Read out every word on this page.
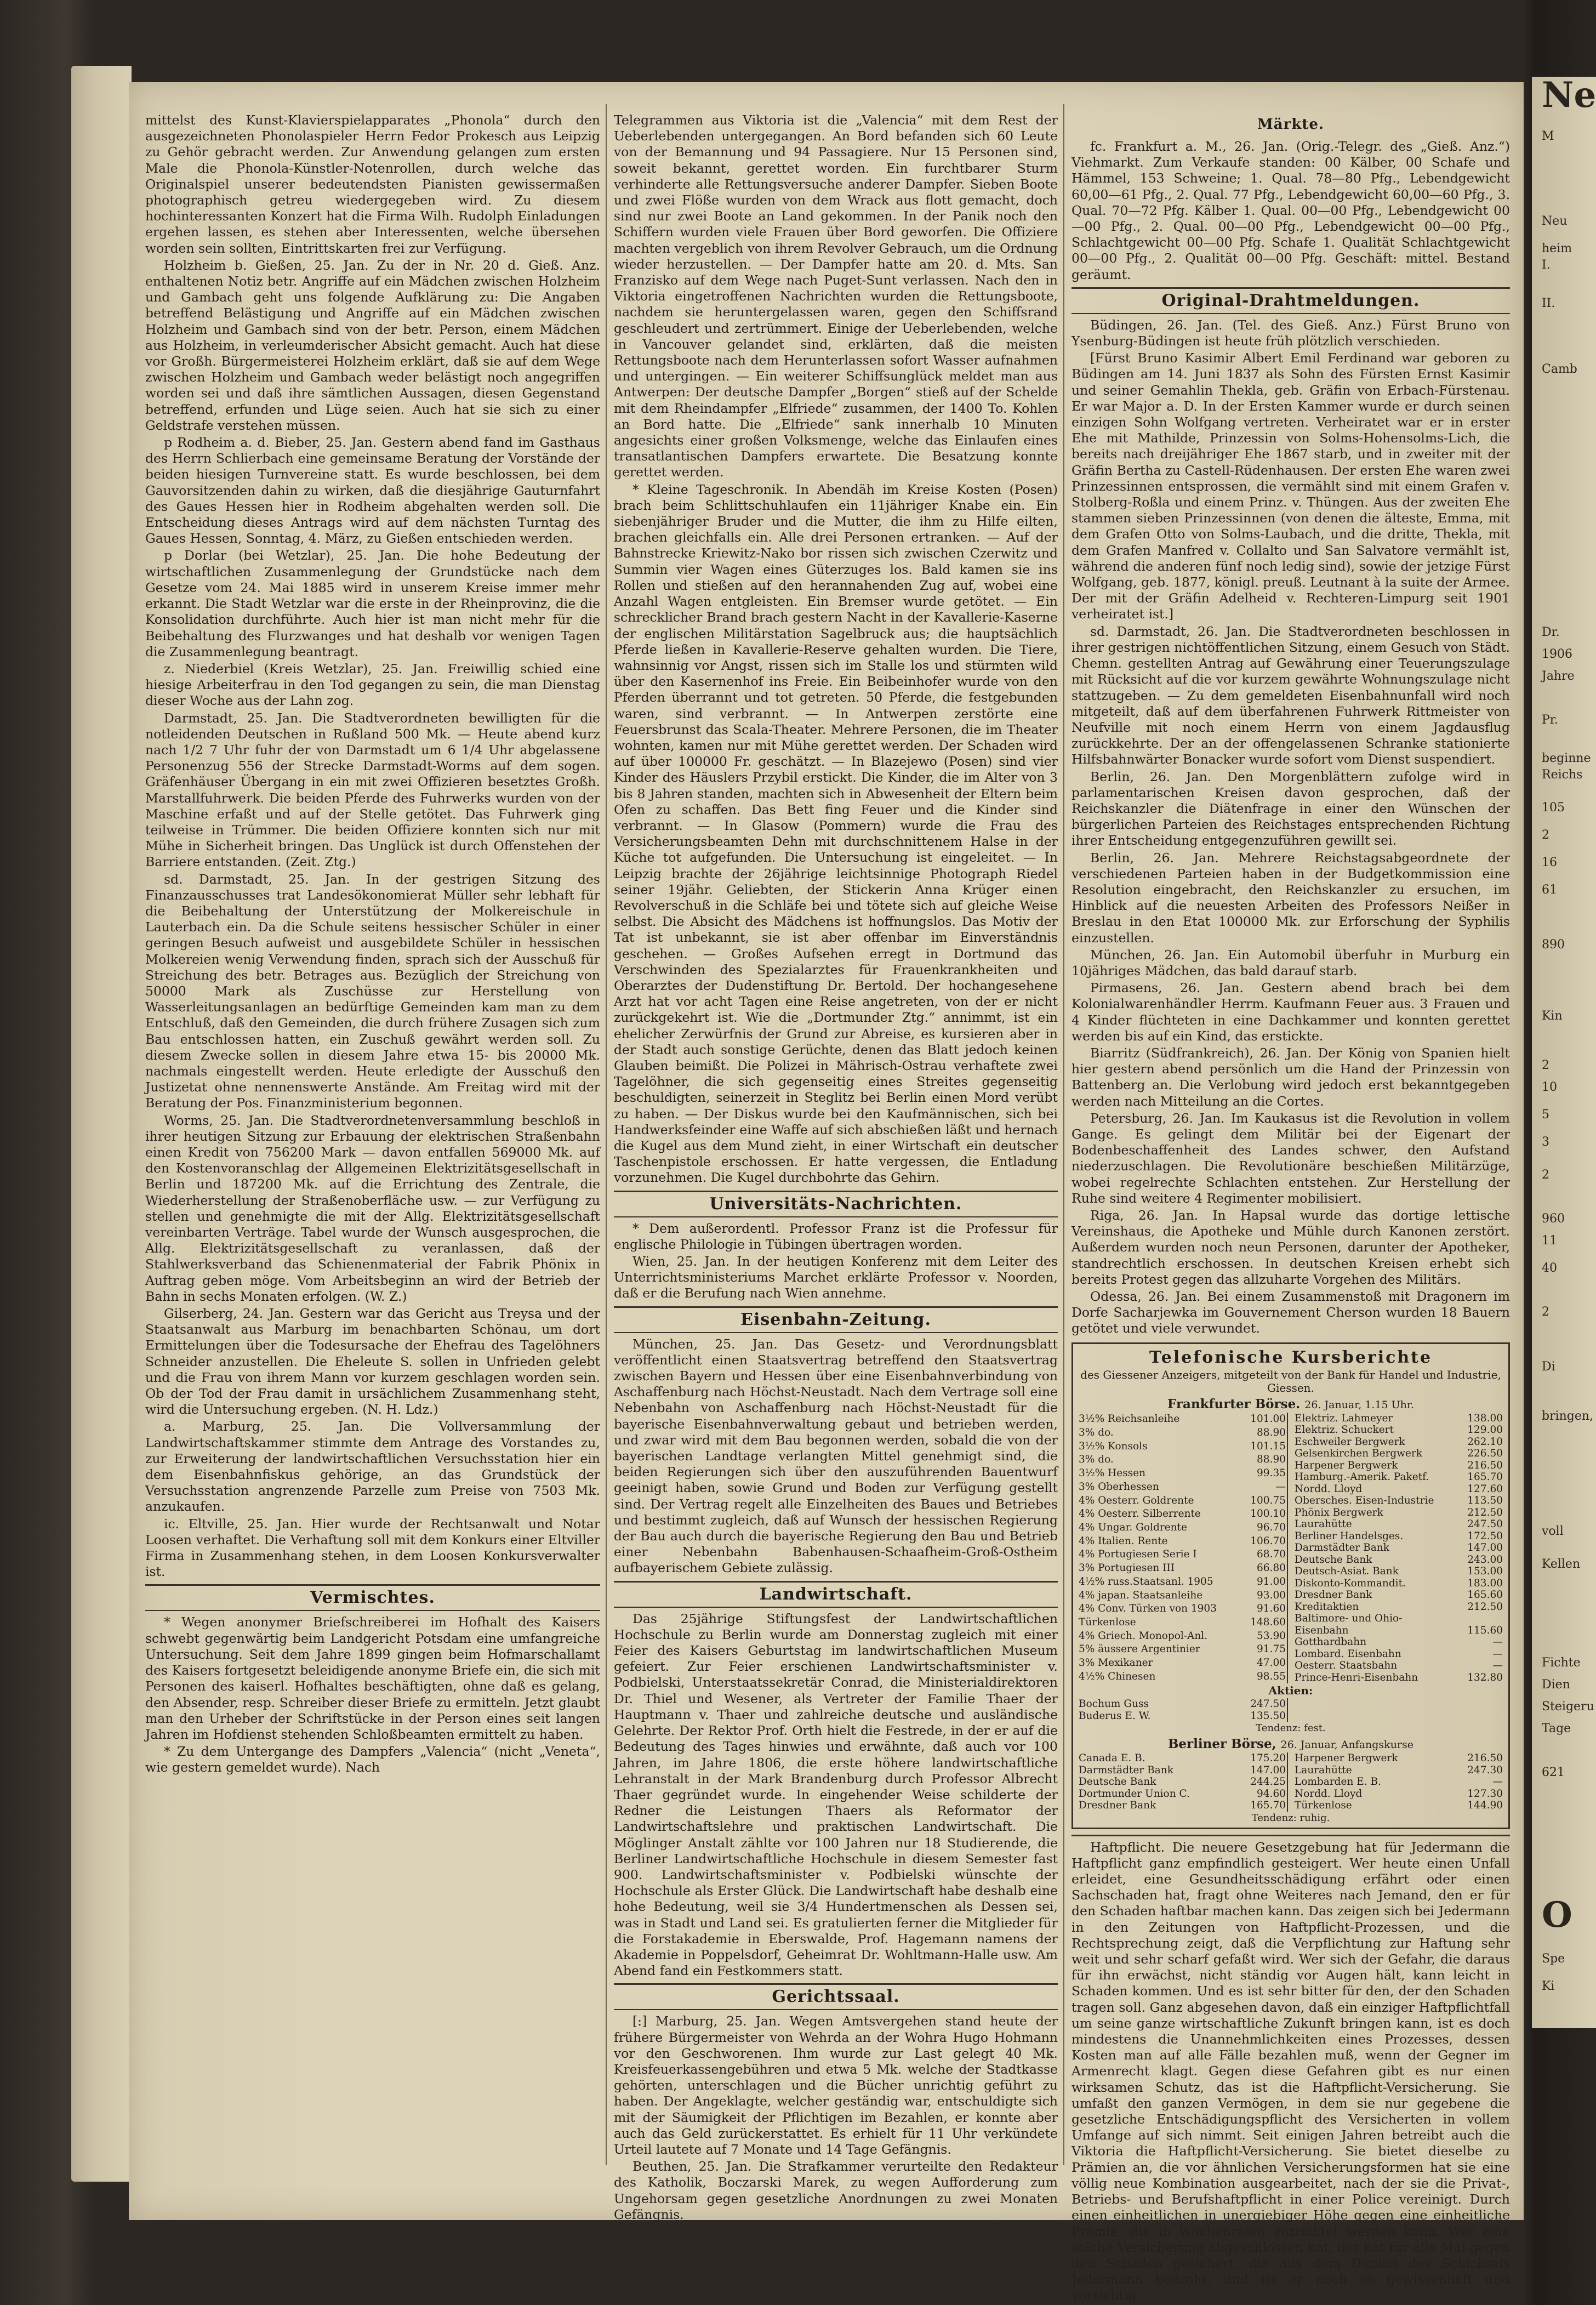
mittelst des Kunst-Klavierspielapparates „Phonola“ durch den ausgezeichneten Phonolaspieler Herrn Fedor Prokesch aus Leipzig zu Gehör gebracht werden. Zur Anwendung gelangen zum ersten Male die Phonola-Künstler-Notenrollen, durch welche das Originalspiel unserer bedeutendsten Pianisten gewissermaßen photographisch getreu wiedergegeben wird. Zu diesem hochinteressanten Konzert hat die Firma Wilh. Rudolph Einladungen ergehen lassen, es stehen aber Interessenten, welche übersehen worden sein sollten, Eintrittskarten frei zur Verfügung.

Holzheim b. Gießen, 25. Jan. Zu der in Nr. 20 d. Gieß. Anz. enthaltenen Notiz betr. Angriffe auf ein Mädchen zwischen Holzheim und Gambach geht uns folgende Aufklärung zu: Die Angaben betreffend Belästigung und Angriffe auf ein Mädchen zwischen Holzheim und Gambach sind von der betr. Person, einem Mädchen aus Holzheim, in verleumderischer Absicht gemacht. Auch hat diese vor Großh. Bürgermeisterei Holzheim erklärt, daß sie auf dem Wege zwischen Holzheim und Gambach weder belästigt noch angegriffen worden sei und daß ihre sämtlichen Aussagen, diesen Gegenstand betreffend, erfunden und Lüge seien. Auch hat sie sich zu einer Geldstrafe verstehen müssen.

p Rodheim a. d. Bieber, 25. Jan. Gestern abend fand im Gasthaus des Herrn Schlierbach eine gemeinsame Beratung der Vorstände der beiden hiesigen Turnvereine statt. Es wurde beschlossen, bei dem Gauvorsitzenden dahin zu wirken, daß die diesjährige Gauturnfahrt des Gaues Hessen hier in Rodheim abgehalten werden soll. Die Entscheidung dieses Antrags wird auf dem nächsten Turntag des Gaues Hessen, Sonntag, 4. März, zu Gießen entschieden werden.

p Dorlar (bei Wetzlar), 25. Jan. Die hohe Bedeutung der wirtschaftlichen Zusammenlegung der Grundstücke nach dem Gesetze vom 24. Mai 1885 wird in unserem Kreise immer mehr erkannt. Die Stadt Wetzlar war die erste in der Rheinprovinz, die die Konsolidation durchführte. Auch hier ist man nicht mehr für die Beibehaltung des Flurzwanges und hat deshalb vor wenigen Tagen die Zusammenlegung beantragt.

z. Niederbiel (Kreis Wetzlar), 25. Jan. Freiwillig schied eine hiesige Arbeiterfrau in den Tod gegangen zu sein, die man Dienstag dieser Woche aus der Lahn zog.

Darmstadt, 25. Jan. Die Stadtverordneten bewilligten für die notleidenden Deutschen in Rußland 500 Mk. — Heute abend kurz nach 1/2 7 Uhr fuhr der von Darmstadt um 6 1/4 Uhr abgelassene Personenzug 556 der Strecke Darmstadt-Worms auf dem sogen. Gräfenhäuser Übergang in ein mit zwei Offizieren besetztes Großh. Marstallfuhrwerk. Die beiden Pferde des Fuhrwerks wurden von der Maschine erfaßt und auf der Stelle getötet. Das Fuhrwerk ging teilweise in Trümmer. Die beiden Offiziere konnten sich nur mit Mühe in Sicherheit bringen. Das Unglück ist durch Offenstehen der Barriere entstanden. (Zeit. Ztg.)

sd. Darmstadt, 25. Jan. In der gestrigen Sitzung des Finanzausschusses trat Landesökonomierat Müller sehr lebhaft für die Beibehaltung der Unterstützung der Molkereischule in Lauterbach ein. Da die Schule seitens hessischer Schüler in einer geringen Besuch aufweist und ausgebildete Schüler in hessischen Molkereien wenig Verwendung finden, sprach sich der Ausschuß für Streichung des betr. Betrages aus. Bezüglich der Streichung von 50000 Mark als Zuschüsse zur Herstellung von Wasserleitungsanlagen an bedürftige Gemeinden kam man zu dem Entschluß, daß den Gemeinden, die durch frühere Zusagen sich zum Bau entschlossen hatten, ein Zuschuß gewährt werden soll. Zu diesem Zwecke sollen in diesem Jahre etwa 15- bis 20000 Mk. nachmals eingestellt werden. Heute erledigte der Ausschuß den Justizetat ohne nennenswerte Anstände. Am Freitag wird mit der Beratung der Pos. Finanzministerium begonnen.

Worms, 25. Jan. Die Stadtverordnetenversammlung beschloß in ihrer heutigen Sitzung zur Erbauung der elektrischen Straßenbahn einen Kredit von 756200 Mark — davon entfallen 569000 Mk. auf den Kostenvoranschlag der Allgemeinen Elektrizitätsgesellschaft in Berlin und 187200 Mk. auf die Errichtung des Zentrale, die Wiederherstellung der Straßenoberfläche usw. — zur Verfügung zu stellen und genehmigte die mit der Allg. Elektrizitätsgesellschaft vereinbarten Verträge. Tabel wurde der Wunsch ausgesprochen, die Allg. Elektrizitätsgesellschaft zu veranlassen, daß der Stahlwerksverband das Schienenmaterial der Fabrik Phönix in Auftrag geben möge. Vom Arbeitsbeginn an wird der Betrieb der Bahn in sechs Monaten erfolgen. (W. Z.)

Gilserberg, 24. Jan. Gestern war das Gericht aus Treysa und der Staatsanwalt aus Marburg im benachbarten Schönau, um dort Ermittelungen über die Todesursache der Ehefrau des Tagelöhners Schneider anzustellen. Die Eheleute S. sollen in Unfrieden gelebt und die Frau von ihrem Mann vor kurzem geschlagen worden sein. Ob der Tod der Frau damit in ursächlichem Zusammenhang steht, wird die Untersuchung ergeben. (N. H. Ldz.)

a. Marburg, 25. Jan. Die Vollversammlung der Landwirtschaftskammer stimmte dem Antrage des Vorstandes zu, zur Erweiterung der landwirtschaftlichen Versuchsstation hier ein dem Eisenbahnfiskus gehörige, an das Grundstück der Versuchsstation angrenzende Parzelle zum Preise von 7503 Mk. anzukaufen.

ic. Eltville, 25. Jan. Hier wurde der Rechtsanwalt und Notar Loosen verhaftet. Die Verhaftung soll mit dem Konkurs einer Eltviller Firma in Zusammenhang stehen, in dem Loosen Konkursverwalter ist.

Vermischtes.

* Wegen anonymer Briefschreiberei im Hofhalt des Kaisers schwebt gegenwärtig beim Landgericht Potsdam eine umfangreiche Untersuchung. Seit dem Jahre 1899 gingen beim Hofmarschallamt des Kaisers fortgesetzt beleidigende anonyme Briefe ein, die sich mit Personen des kaiserl. Hofhaltes beschäftigten, ohne daß es gelang, den Absender, resp. Schreiber dieser Briefe zu ermitteln. Jetzt glaubt man den Urheber der Schriftstücke in der Person eines seit langen Jahren im Hofdienst stehenden Schloßbeamten ermittelt zu haben.

* Zu dem Untergange des Dampfers „Valencia“ (nicht „Veneta“, wie gestern gemeldet wurde). Nach

Telegrammen aus Viktoria ist die „Valencia“ mit dem Rest der Ueberlebenden untergegangen. An Bord befanden sich 60 Leute von der Bemannung und 94 Passagiere. Nur 15 Personen sind, soweit bekannt, gerettet worden. Ein furchtbarer Sturm verhinderte alle Rettungsversuche anderer Dampfer. Sieben Boote und zwei Flöße wurden von dem Wrack aus flott gemacht, doch sind nur zwei Boote an Land gekommen. In der Panik noch den Schiffern wurden viele Frauen über Bord geworfen. Die Offiziere machten vergeblich von ihrem Revolver Gebrauch, um die Ordnung wieder herzustellen. — Der Dampfer hatte am 20. d. Mts. San Franzisko auf dem Wege nach Puget-Sunt verlassen. Nach den in Viktoria eingetroffenen Nachrichten wurden die Rettungsboote, nachdem sie heruntergelassen waren, gegen den Schiffsrand geschleudert und zertrümmert. Einige der Ueberlebenden, welche in Vancouver gelandet sind, erklärten, daß die meisten Rettungsboote nach dem Herunterlassen sofort Wasser aufnahmen und untergingen. — Ein weiterer Schiffsunglück meldet man aus Antwerpen: Der deutsche Dampfer „Borgen“ stieß auf der Schelde mit dem Rheindampfer „Elfriede“ zusammen, der 1400 To. Kohlen an Bord hatte. Die „Elfriede“ sank innerhalb 10 Minuten angesichts einer großen Volksmenge, welche das Einlaufen eines transatlantischen Dampfers erwartete. Die Besatzung konnte gerettet werden.

* Kleine Tageschronik. In Abendäh im Kreise Kosten (Posen) brach beim Schlittschuhlaufen ein 11jähriger Knabe ein. Ein siebenjähriger Bruder und die Mutter, die ihm zu Hilfe eilten, brachen gleichfalls ein. Alle drei Personen ertranken. — Auf der Bahnstrecke Kriewitz-Nako bor rissen sich zwischen Czerwitz und Summin vier Wagen eines Güterzuges los. Bald kamen sie ins Rollen und stießen auf den herannahenden Zug auf, wobei eine Anzahl Wagen entgleisten. Ein Bremser wurde getötet. — Ein schrecklicher Brand brach gestern Nacht in der Kavallerie-Kaserne der englischen Militärstation Sagelbruck aus; die hauptsächlich Pferde ließen in Kavallerie-Reserve gehalten wurden. Die Tiere, wahnsinnig vor Angst, rissen sich im Stalle los und stürmten wild über den Kasernenhof ins Freie. Ein Beibeinhofer wurde von den Pferden überrannt und tot getreten. 50 Pferde, die festgebunden waren, sind verbrannt. — In Antwerpen zerstörte eine Feuersbrunst das Scala-Theater. Mehrere Personen, die im Theater wohnten, kamen nur mit Mühe gerettet werden. Der Schaden wird auf über 100000 Fr. geschätzt. — In Blazejewo (Posen) sind vier Kinder des Häuslers Przybil erstickt. Die Kinder, die im Alter von 3 bis 8 Jahren standen, machten sich in Abwesenheit der Eltern beim Ofen zu schaffen. Das Bett fing Feuer und die Kinder sind verbrannt. — In Glasow (Pommern) wurde die Frau des Versicherungsbeamten Dehn mit durchschnittenem Halse in der Küche tot aufgefunden. Die Untersuchung ist eingeleitet. — In Leipzig brachte der 26jährige leichtsinnige Photograph Riedel seiner 19jähr. Geliebten, der Stickerin Anna Krüger einen Revolverschuß in die Schläfe bei und tötete sich auf gleiche Weise selbst. Die Absicht des Mädchens ist hoffnungslos. Das Motiv der Tat ist unbekannt, sie ist aber offenbar im Einverständnis geschehen. — Großes Aufsehen erregt in Dortmund das Verschwinden des Spezialarztes für Frauenkrankheiten und Oberarztes der Dudenstiftung Dr. Bertold. Der hochangesehene Arzt hat vor acht Tagen eine Reise angetreten, von der er nicht zurückgekehrt ist. Wie die „Dortmunder Ztg.“ annimmt, ist ein ehelicher Zerwürfnis der Grund zur Abreise, es kursieren aber in der Stadt auch sonstige Gerüchte, denen das Blatt jedoch keinen Glauben beimißt. Die Polizei in Mährisch-Ostrau verhaftete zwei Tagelöhner, die sich gegenseitig eines Streites gegenseitig beschuldigten, seinerzeit in Steglitz bei Berlin einen Mord verübt zu haben. — Der Diskus wurde bei den Kaufmännischen, sich bei Handwerksfeinder eine Waffe auf sich abschießen läßt und hernach die Kugel aus dem Mund zieht, in einer Wirtschaft ein deutscher Taschenpistole erschossen. Er hatte vergessen, die Entladung vorzunehmen. Die Kugel durchbohrte das Gehirn.

Universitäts-Nachrichten.

* Dem außerordentl. Professor Franz ist die Professur für englische Philologie in Tübingen übertragen worden.

Wien, 25. Jan. In der heutigen Konferenz mit dem Leiter des Unterrichtsministeriums Marchet erklärte Professor v. Noorden, daß er die Berufung nach Wien annehme.

Eisenbahn-Zeitung.

München, 25. Jan. Das Gesetz- und Verordnungsblatt veröffentlicht einen Staatsvertrag betreffend den Staatsvertrag zwischen Bayern und Hessen über eine Eisenbahnverbindung von Aschaffenburg nach Höchst-Neustadt. Nach dem Vertrage soll eine Nebenbahn von Aschaffenburg nach Höchst-Neustadt für die bayerische Eisenbahnverwaltung gebaut und betrieben werden, und zwar wird mit dem Bau begonnen werden, sobald die von der bayerischen Landtage verlangten Mittel genehmigt sind, die beiden Regierungen sich über den auszuführenden Bauentwurf geeinigt haben, sowie Grund und Boden zur Verfügung gestellt sind. Der Vertrag regelt alle Einzelheiten des Baues und Betriebes und bestimmt zugleich, daß auf Wunsch der hessischen Regierung der Bau auch durch die bayerische Regierung den Bau und Betrieb einer Nebenbahn Babenhausen-Schaafheim-Groß-Ostheim aufbayerischem Gebiete zulässig.

Landwirtschaft.

Das 25jährige Stiftungsfest der Landwirtschaftlichen Hochschule zu Berlin wurde am Donnerstag zugleich mit einer Feier des Kaisers Geburtstag im landwirtschaftlichen Museum gefeiert. Zur Feier erschienen Landwirtschaftsminister v. Podbielski, Unterstaatssekretär Conrad, die Ministerialdirektoren Dr. Thiel und Wesener, als Vertreter der Familie Thaer der Hauptmann v. Thaer und zahlreiche deutsche und ausländische Gelehrte. Der Rektor Prof. Orth hielt die Festrede, in der er auf die Bedeutung des Tages hinwies und erwähnte, daß auch vor 100 Jahren, im Jahre 1806, die erste höhere landwirtschaftliche Lehranstalt in der Mark Brandenburg durch Professor Albrecht Thaer gegründet wurde. In eingehender Weise schilderte der Redner die Leistungen Thaers als Reformator der Landwirtschaftslehre und praktischen Landwirtschaft. Die Möglinger Anstalt zählte vor 100 Jahren nur 18 Studierende, die Berliner Landwirtschaftliche Hochschule in diesem Semester fast 900. Landwirtschaftsminister v. Podbielski wünschte der Hochschule als Erster Glück. Die Landwirtschaft habe deshalb eine hohe Bedeutung, weil sie 3/4 Hundertmenschen als Dessen sei, was in Stadt und Land sei. Es gratulierten ferner die Mitglieder für die Forstakademie in Eberswalde, Prof. Hagemann namens der Akademie in Poppelsdorf, Geheimrat Dr. Wohltmann-Halle usw. Am Abend fand ein Festkommers statt.

Gerichtssaal.

[:] Marburg, 25. Jan. Wegen Amtsvergehen stand heute der frühere Bürgermeister von Wehrda an der Wohra Hugo Hohmann vor den Geschworenen. Ihm wurde zur Last gelegt 40 Mk. Kreisfeuerkassengebühren und etwa 5 Mk. welche der Stadtkasse gehörten, unterschlagen und die Bücher unrichtig geführt zu haben. Der Angeklagte, welcher geständig war, entschuldigte sich mit der Säumigkeit der Pflichtigen im Bezahlen, er konnte aber auch das Geld zurückerstattet. Es erhielt für 11 Uhr verkündete Urteil lautete auf 7 Monate und 14 Tage Gefängnis.

Beuthen, 25. Jan. Die Strafkammer verurteilte den Redakteur des Katholik, Boczarski Marek, zu wegen Aufforderung zum Ungehorsam gegen gesetzliche Anordnungen zu zwei Monaten Gefängnis.

Märkte.

fc. Frankfurt a. M., 26. Jan. (Orig.-Telegr. des „Gieß. Anz.“) Viehmarkt. Zum Verkaufe standen: 00 Kälber, 00 Schafe und Hämmel, 153 Schweine; 1. Qual. 78—80 Pfg., Lebendgewicht 60,00—61 Pfg., 2. Qual. 77 Pfg., Lebendgewicht 60,00—60 Pfg., 3. Qual. 70—72 Pfg. Kälber 1. Qual. 00—00 Pfg., Lebendgewicht 00—00 Pfg., 2. Qual. 00—00 Pfg., Lebendgewicht 00—00 Pfg., Schlachtgewicht 00—00 Pfg. Schafe 1. Qualität Schlachtgewicht 00—00 Pfg., 2. Qualität 00—00 Pfg. Geschäft: mittel. Bestand geräumt.

Original-Drahtmeldungen.

Büdingen, 26. Jan. (Tel. des Gieß. Anz.) Fürst Bruno von Ysenburg-Büdingen ist heute früh plötzlich verschieden.

[Fürst Bruno Kasimir Albert Emil Ferdinand war geboren zu Büdingen am 14. Juni 1837 als Sohn des Fürsten Ernst Kasimir und seiner Gemahlin Thekla, geb. Gräfin von Erbach-Fürstenau. Er war Major a. D. In der Ersten Kammer wurde er durch seinen einzigen Sohn Wolfgang vertreten. Verheiratet war er in erster Ehe mit Mathilde, Prinzessin von Solms-Hohensolms-Lich, die bereits nach dreijähriger Ehe 1867 starb, und in zweiter mit der Gräfin Bertha zu Castell-Rüdenhausen. Der ersten Ehe waren zwei Prinzessinnen entsprossen, die vermählt sind mit einem Grafen v. Stolberg-Roßla und einem Prinz. v. Thüngen. Aus der zweiten Ehe stammen sieben Prinzessinnen (von denen die älteste, Emma, mit dem Grafen Otto von Solms-Laubach, und die dritte, Thekla, mit dem Grafen Manfred v. Collalto und San Salvatore vermählt ist, während die anderen fünf noch ledig sind), sowie der jetzige Fürst Wolfgang, geb. 1877, königl. preuß. Leutnant à la suite der Armee. Der mit der Gräfin Adelheid v. Rechteren-Limpurg seit 1901 verheiratet ist.]

sd. Darmstadt, 26. Jan. Die Stadtverordneten beschlossen in ihrer gestrigen nichtöffentlichen Sitzung, einem Gesuch von Städt. Chemn. gestellten Antrag auf Gewährung einer Teuerungszulage mit Rücksicht auf die vor kurzem gewährte Wohnungszulage nicht stattzugeben. — Zu dem gemeldeten Eisenbahnunfall wird noch mitgeteilt, daß auf dem überfahrenen Fuhrwerk Rittmeister von Neufville mit noch einem Herrn von einem Jagdausflug zurückkehrte. Der an der offengelassenen Schranke stationierte Hilfsbahnwärter Bonacker wurde sofort vom Dienst suspendiert.

Berlin, 26. Jan. Den Morgenblättern zufolge wird in parlamentarischen Kreisen davon gesprochen, daß der Reichskanzler die Diätenfrage in einer den Wünschen der bürgerlichen Parteien des Reichstages entsprechenden Richtung ihrer Entscheidung entgegenzuführen gewillt sei.

Berlin, 26. Jan. Mehrere Reichstagsabgeordnete der verschiedenen Parteien haben in der Budgetkommission eine Resolution eingebracht, den Reichskanzler zu ersuchen, im Hinblick auf die neuesten Arbeiten des Professors Neißer in Breslau in den Etat 100000 Mk. zur Erforschung der Syphilis einzustellen.

München, 26. Jan. Ein Automobil überfuhr in Murburg ein 10jähriges Mädchen, das bald darauf starb.

Pirmasens, 26. Jan. Gestern abend brach bei dem Kolonialwarenhändler Herrm. Kaufmann Feuer aus. 3 Frauen und 4 Kinder flüchteten in eine Dachkammer und konnten gerettet werden bis auf ein Kind, das erstickte.

Biarritz (Südfrankreich), 26. Jan. Der König von Spanien hielt hier gestern abend persönlich um die Hand der Prinzessin von Battenberg an. Die Verlobung wird jedoch erst bekanntgegeben werden nach Mitteilung an die Cortes.

Petersburg, 26. Jan. Im Kaukasus ist die Revolution in vollem Gange. Es gelingt dem Militär bei der Eigenart der Bodenbeschaffenheit des Landes schwer, den Aufstand niederzuschlagen. Die Revolutionäre beschießen Militärzüge, wobei regelrechte Schlachten entstehen. Zur Herstellung der Ruhe sind weitere 4 Regimenter mobilisiert.

Riga, 26. Jan. In Hapsal wurde das dortige lettische Vereinshaus, die Apotheke und Mühle durch Kanonen zerstört. Außerdem wurden noch neun Personen, darunter der Apotheker, standrechtlich erschossen. In deutschen Kreisen erhebt sich bereits Protest gegen das allzuharte Vorgehen des Militärs.

Odessa, 26. Jan. Bei einem Zusammenstoß mit Dragonern im Dorfe Sacharjewka im Gouvernement Cherson wurden 18 Bauern getötet und viele verwundet.

Telefonische Kursberichte
des Giessener Anzeigers, mitgeteilt von der Bank für Handel und Industrie, Giessen.
Frankfurter Börse. 26. Januar, 1.15 Uhr.
3½% Reichsanleihe	101.00
3% do.	88.90
3½% Konsols	101.15
3% do.	88.90
3½% Hessen	99.35
3% Oberhessen	—
4% Oesterr. Goldrente	100.75
4% Oesterr. Silberrente	100.10
4% Ungar. Goldrente	96.70
4% Italien. Rente	106.70
4% Portugiesen Serie I	68.70
3% Portugiesen III	66.80
4½% russ.Staatsanl. 1905	91.00
4% japan. Staatsanleihe	93.00
4% Conv. Türken von 1903	91.60
Türkenlose	148.60
4% Griech. Monopol-Anl.	53.90
5% äussere Argentinier	91.75
3% Mexikaner	47.00
4½% Chinesen	98.55
Elektriz. Lahmeyer	138.00
Elektriz. Schuckert	129.00
Eschweiler Bergwerk	262.10
Gelsenkirchen Bergwerk	226.50
Harpener Bergwerk	216.50
Hamburg.-Amerik. Paketf.	165.70
Nordd. Lloyd	127.60
Obersches. Eisen-Industrie	113.50
Phönix Bergwerk	212.50
Laurahütte	247.50
Berliner Handelsges.	172.50
Darmstädter Bank	147.00
Deutsche Bank	243.00
Deutsch-Asiat. Bank	153.00
Diskonto-Kommandit.	183.00
Dresdner Bank	165.60
Kreditaktien	212.50
Baltimore- und Ohio-	
Eisenbahn	115.60
Gotthardbahn	—
Lombard. Eisenbahn	—
Oesterr. Staatsbahn	—
Prince-Henri-Eisenbahn	132.80
Aktien:
Bochum Guss	247.50
Buderus E. W.	135.50
Tendenz: fest.
Berliner Börse, 26. Januar, Anfangskurse
Canada E. B.	175.20
Darmstädter Bank	147.00
Deutsche Bank	244.25
Dortmunder Union C.	94.60
Dresdner Bank	165.70
Harpener Bergwerk	216.50
Laurahütte	247.30
Lombarden E. B.	—
Nordd. Lloyd	127.30
Türkenlose	144.90
Tendenz: ruhig.

Haftpflicht. Die neuere Gesetzgebung hat für Jedermann die Haftpflicht ganz empfindlich gesteigert. Wer heute einen Unfall erleidet, eine Gesundheitsschädigung erfährt oder einen Sachschaden hat, fragt ohne Weiteres nach Jemand, den er für den Schaden haftbar machen kann. Das zeigen sich bei Jedermann in den Zeitungen von Haftpflicht-Prozessen, und die Rechtsprechung zeigt, daß die Verpflichtung zur Haftung sehr weit und sehr scharf gefaßt wird. Wer sich der Gefahr, die daraus für ihn erwächst, nicht ständig vor Augen hält, kann leicht in Schaden kommen. Und es ist sehr bitter für den, der den Schaden tragen soll. Ganz abgesehen davon, daß ein einziger Haftpflichtfall um seine ganze wirtschaftliche Zukunft bringen kann, ist es doch mindestens die Unannehmlichkeiten eines Prozesses, dessen Kosten man auf alle Fälle bezahlen muß, wenn der Gegner im Armenrecht klagt. Gegen diese Gefahren gibt es nur einen wirksamen Schutz, das ist die Haftpflicht-Versicherung. Sie umfaßt den ganzen Vermögen, in dem sie nur gegebene die gesetzliche Entschädigungspflicht des Versicherten in vollem Umfange auf sich nimmt. Seit einigen Jahren betreibt auch die Viktoria die Haftpflicht-Versicherung. Sie bietet dieselbe zu Prämien an, die vor ähnlichen Versicherungsformen hat sie eine völlig neue Kombination ausgearbeitet, nach der sie die Privat-, Betriebs- und Berufshaftpflicht in einer Police vereinigt. Durch einen einheitlichen in unergiebiger Höhe gegen eine einheitliche Prämie, die in Wochenraten entrichtet werden kann. Wer eine solche Versicherung abgeschlossen hat, der hat für alle Mal gegen den Schaden gesichert, die aus dem Dunkel des Schicksals Jedermann bedroht, und ist er noch so gewissenhaft und vorsichtig.

Ne
M
Neu
heim
I.
II.
Camb
Dr.
1906
Jahre
Pr.
beginne
Reichs
105
2
16
61
890
Kin
2
10
5
3
2
960
11
40
2
Di
bringen,
voll
Kellen
Fichte
Dien
Steigeru
Tage
621
O
Spe
Ki
